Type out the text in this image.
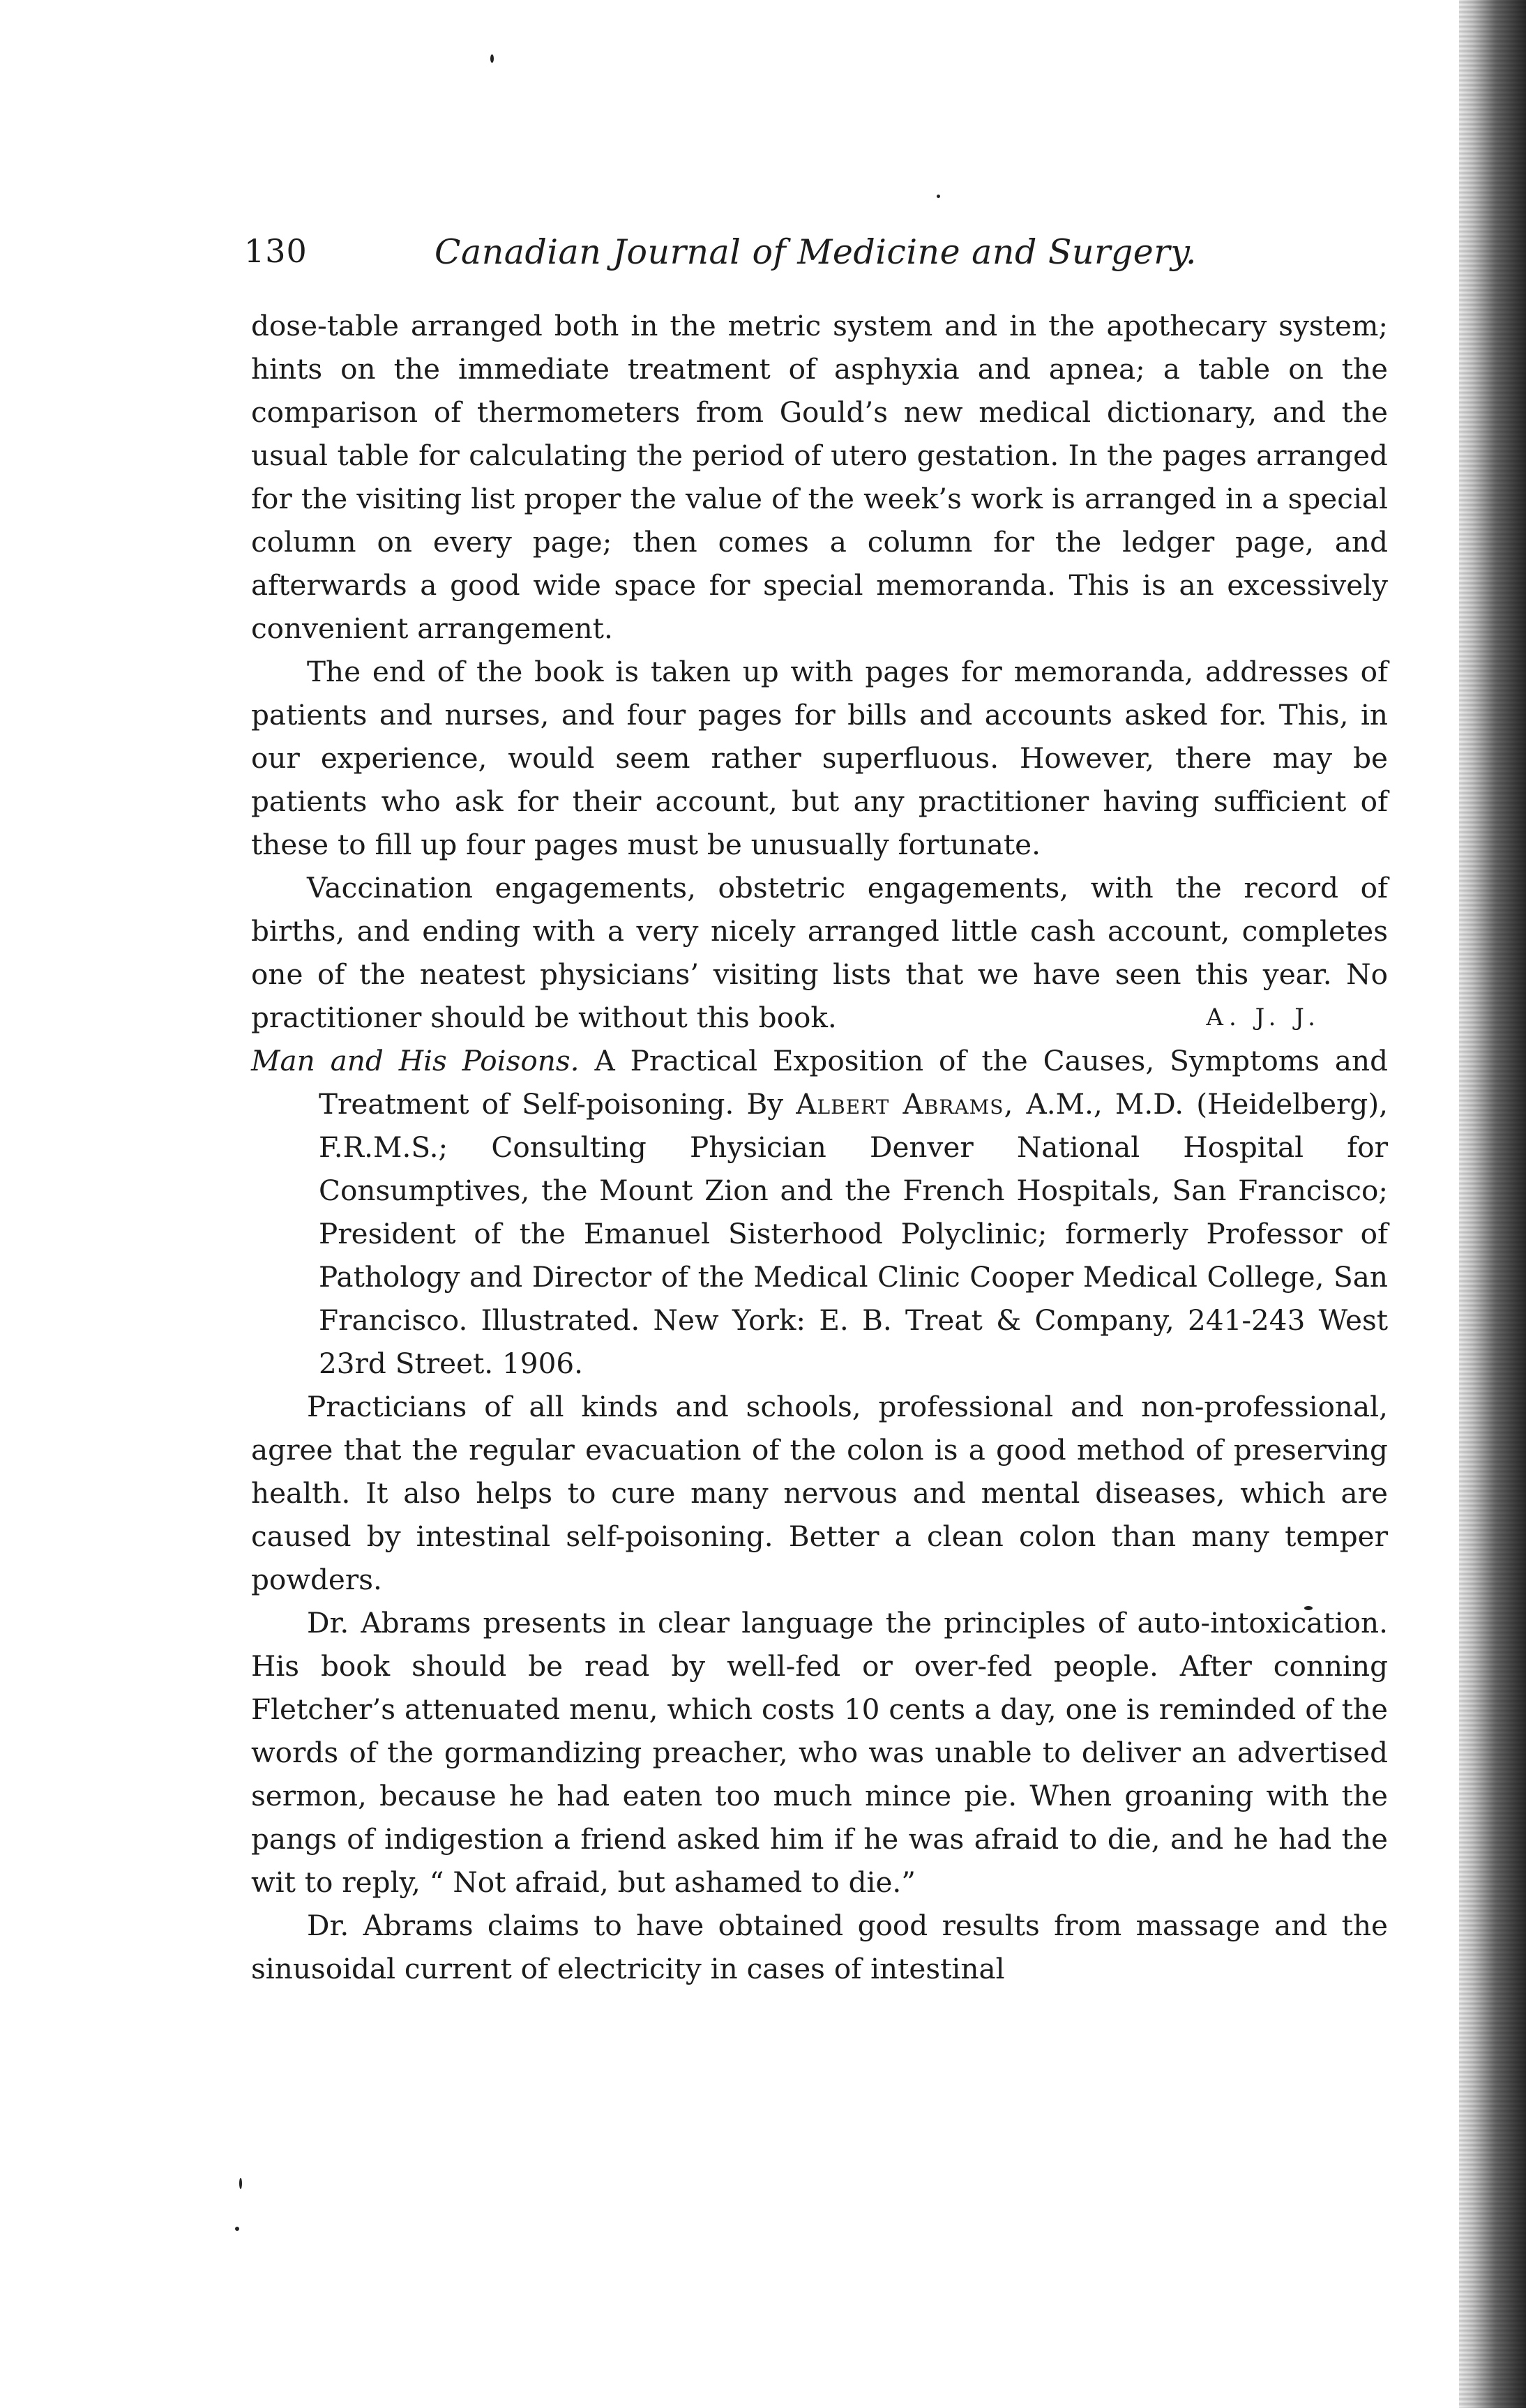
130	Canadian Journal of Medicine and Surgery.

dose-table arranged both in the metric system and in the apothecary system; hints on the immediate treatment of asphyxia and apnea; a table on the comparison of thermometers from Gould’s new medical dictionary, and the usual table for calculating the period of utero gestation. In the pages arranged for the visiting list proper the value of the week’s work is arranged in a special column on every page; then comes a column for the ledger page, and afterwards a good wide space for special memoranda. This is an excessively convenient arrangement.

The end of the book is taken up with pages for memoranda, addresses of patients and nurses, and four pages for bills and accounts asked for. This, in our experience, would seem rather superfluous. However, there may be patients who ask for their account, but any practitioner having sufficient of these to fill up four pages must be unusually fortunate.

Vaccination engagements, obstetric engagements, with the record of births, and ending with a very nicely arranged little cash account, completes one of the neatest physicians’ visiting lists that we have seen this year. No practitioner should be without this book.	A. J. J.

Man and His Poisons. A Practical Exposition of the Causes, Symptoms and Treatment of Self-poisoning. By Albert Abrams, A.M., M.D. (Heidelberg), F.R.M.S.; Consulting Physician Denver National Hospital for Consumptives, the Mount Zion and the French Hospitals, San Francisco; President of the Emanuel Sisterhood Polyclinic; formerly Professor of Pathology and Director of the Medical Clinic Cooper Medical College, San Francisco. Illustrated. New York: E. B. Treat & Company, 241-243 West 23rd Street. 1906.

Practicians of all kinds and schools, professional and non-professional, agree that the regular evacuation of the colon is a good method of preserving health. It also helps to cure many nervous and mental diseases, which are caused by intestinal self-poisoning. Better a clean colon than many temper powders.

Dr. Abrams presents in clear language the principles of auto-intoxication. His book should be read by well-fed or over-fed people. After conning Fletcher’s attenuated menu, which costs 10 cents a day, one is reminded of the words of the gormandizing preacher, who was unable to deliver an advertised sermon, because he had eaten too much mince pie. When groaning with the pangs of indigestion a friend asked him if he was afraid to die, and he had the wit to reply, “ Not afraid, but ashamed to die.”

Dr. Abrams claims to have obtained good results from massage and the sinusoidal current of electricity in cases of intestinal
